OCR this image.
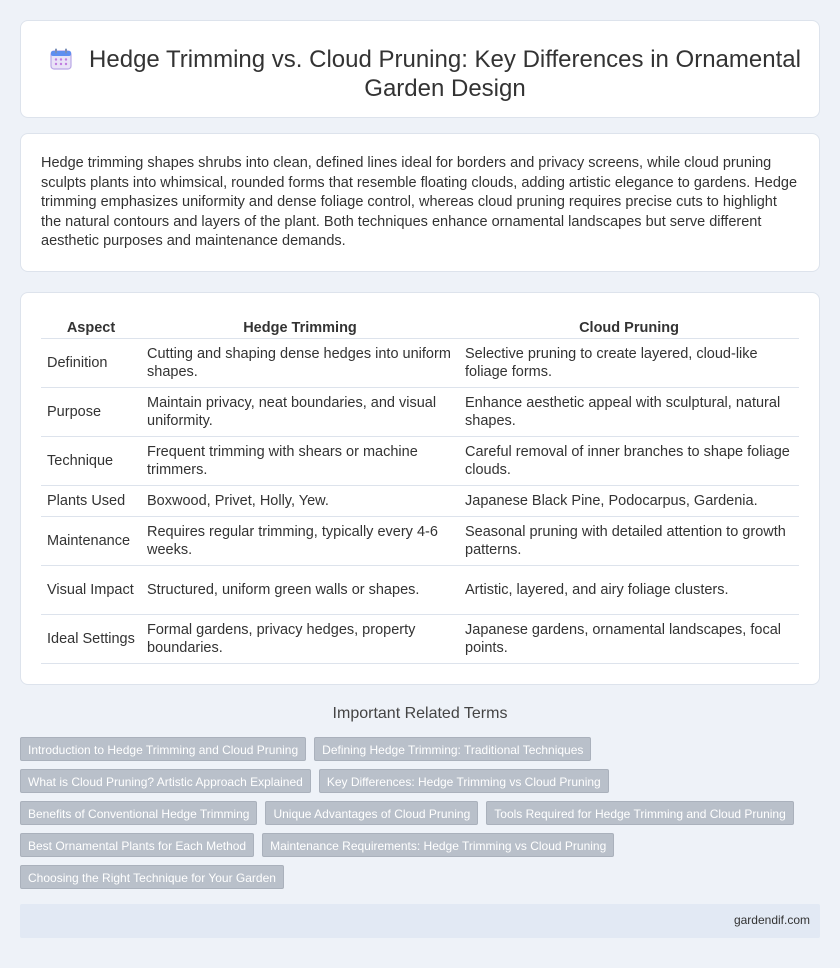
Hedge Trimming vs. Cloud Pruning: Key Differences in Ornamental Garden Design

Hedge trimming shapes shrubs into clean, defined lines ideal for borders and privacy screens, while cloud pruning sculpts plants into whimsical, rounded forms that resemble floating clouds, adding artistic elegance to gardens. Hedge trimming emphasizes uniformity and dense foliage control, whereas cloud pruning requires precise cuts to highlight the natural contours and layers of the plant. Both techniques enhance ornamental landscapes but serve different aesthetic purposes and maintenance demands.

Aspect	Hedge Trimming	Cloud Pruning
Definition	Cutting and shaping dense hedges into uniform shapes.	Selective pruning to create layered, cloud-like foliage forms.
Purpose	Maintain privacy, neat boundaries, and visual uniformity.	Enhance aesthetic appeal with sculptural, natural shapes.
Technique	Frequent trimming with shears or machine trimmers.	Careful removal of inner branches to shape foliage clouds.
Plants Used	Boxwood, Privet, Holly, Yew.	Japanese Black Pine, Podocarpus, Gardenia.
Maintenance	Requires regular trimming, typically every 4-6 weeks.	Seasonal pruning with detailed attention to growth patterns.
Visual Impact	Structured, uniform green walls or shapes.	Artistic, layered, and airy foliage clusters.
Ideal Settings	Formal gardens, privacy hedges, property boundaries.	Japanese gardens, ornamental landscapes, focal points.
Important Related Terms
Introduction to Hedge Trimming and Cloud Pruning	Defining Hedge Trimming: Traditional Techniques
What is Cloud Pruning? Artistic Approach Explained	Key Differences: Hedge Trimming vs Cloud Pruning
Benefits of Conventional Hedge Trimming	Unique Advantages of Cloud Pruning	Tools Required for Hedge Trimming and Cloud Pruning
Best Ornamental Plants for Each Method	Maintenance Requirements: Hedge Trimming vs Cloud Pruning
Choosing the Right Technique for Your Garden
gardendif.com
